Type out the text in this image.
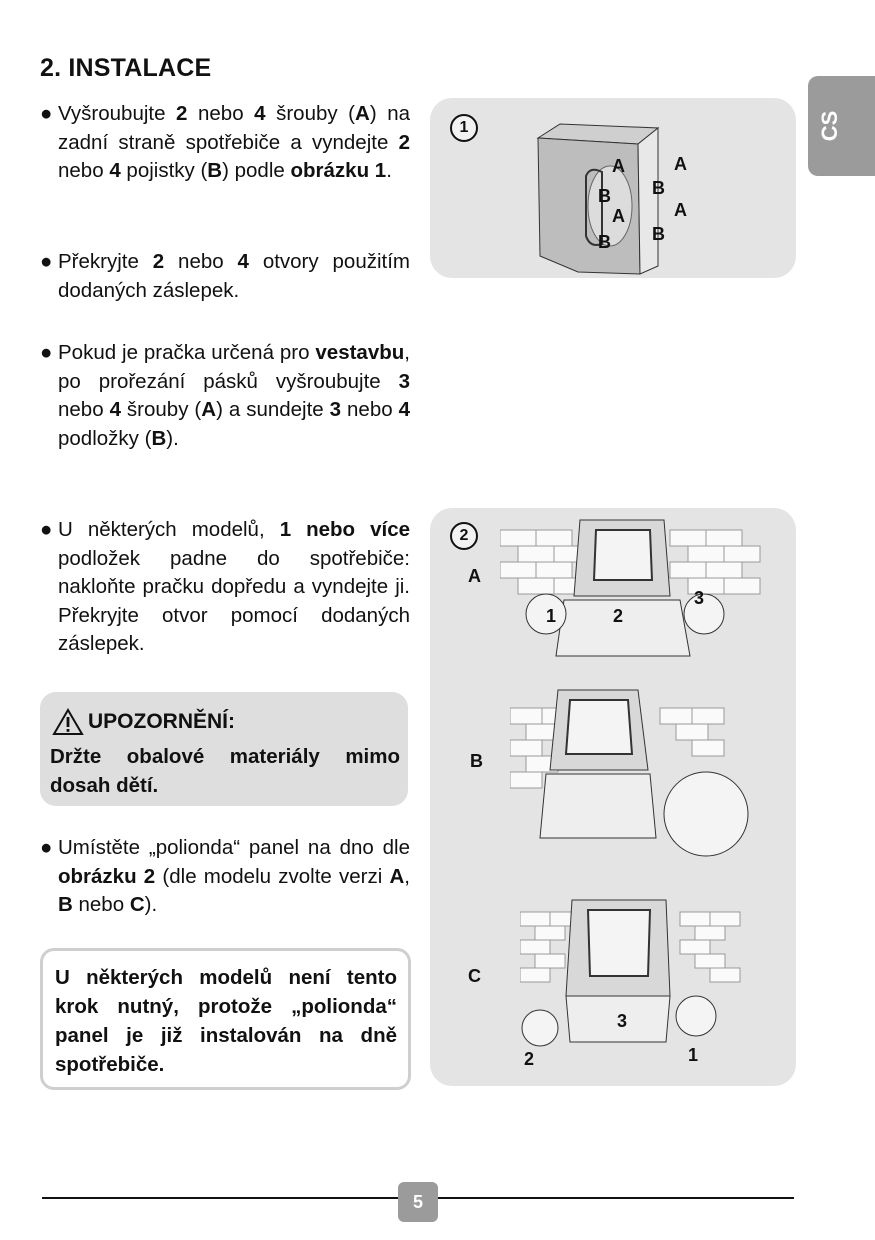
2. INSTALACE
CS
● Vyšroubujte 2 nebo 4 šrouby (A) na zadní straně spotřebiče a vyndejte 2 nebo 4 pojistky (B) podle obrázku 1.
● Překryjte 2 nebo 4 otvory použitím dodaných záslepek.
● Pokud je pračka určená pro vestavbu, po prořezání pásků vyšroubujte 3 nebo 4 šrouby (A) a sundejte 3 nebo 4 podložky (B).
● U některých modelů, 1 nebo více podložek padne do spotřebiče: nakloňte pračku dopředu a vyndejte ji. Překryjte otvor pomocí dodaných záslepek.
● Umístěte „polionda“ panel na dno dle obrázku 2 (dle modelu zvolte verzi A, B nebo C).
UPOZORNĚNÍ:
Držte obalové materiály mimo dosah dětí.
U některých modelů není tento krok nutný, protože „polionda“ panel je již instalován na dně spotřebiče.
1
A
B
A
B
A
B
A
B
2
A
1	2
3
B
C
3
2	1
5
